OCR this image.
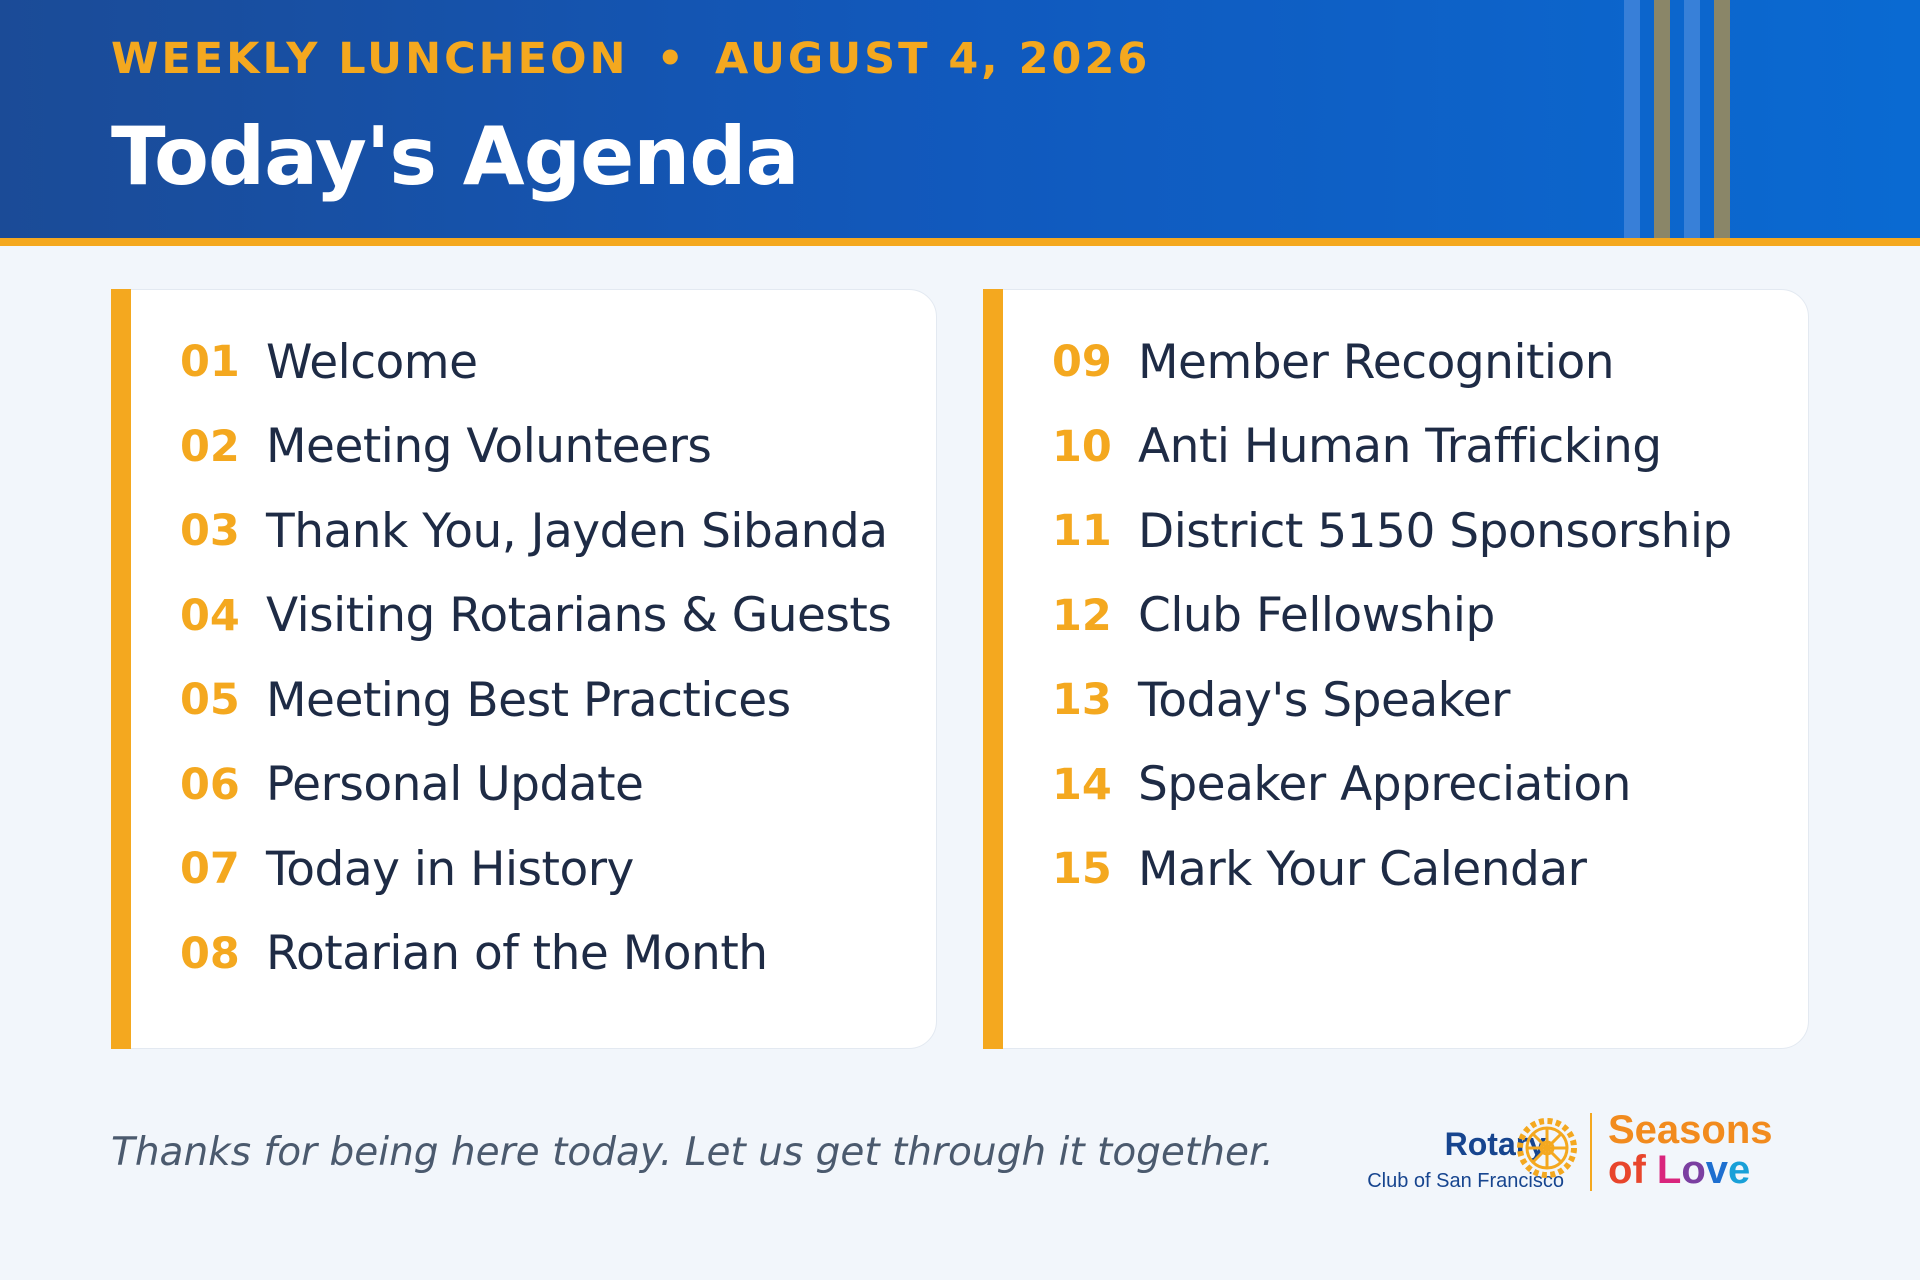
WEEKLY LUNCHEON • AUGUST 4, 2026
Today's Agenda
01 Welcome
02 Meeting Volunteers
03 Thank You, Jayden Sibanda
04 Visiting Rotarians & Guests
05 Meeting Best Practices
06 Personal Update
07 Today in History
08 Rotarian of the Month
09 Member Recognition
10 Anti Human Trafficking
11 District 5150 Sponsorship
12 Club Fellowship
13 Today's Speaker
14 Speaker Appreciation
15 Mark Your Calendar
Thanks for being here today. Let us get through it together.	Rotary
Club of San Francisco
Seasons
of Love
